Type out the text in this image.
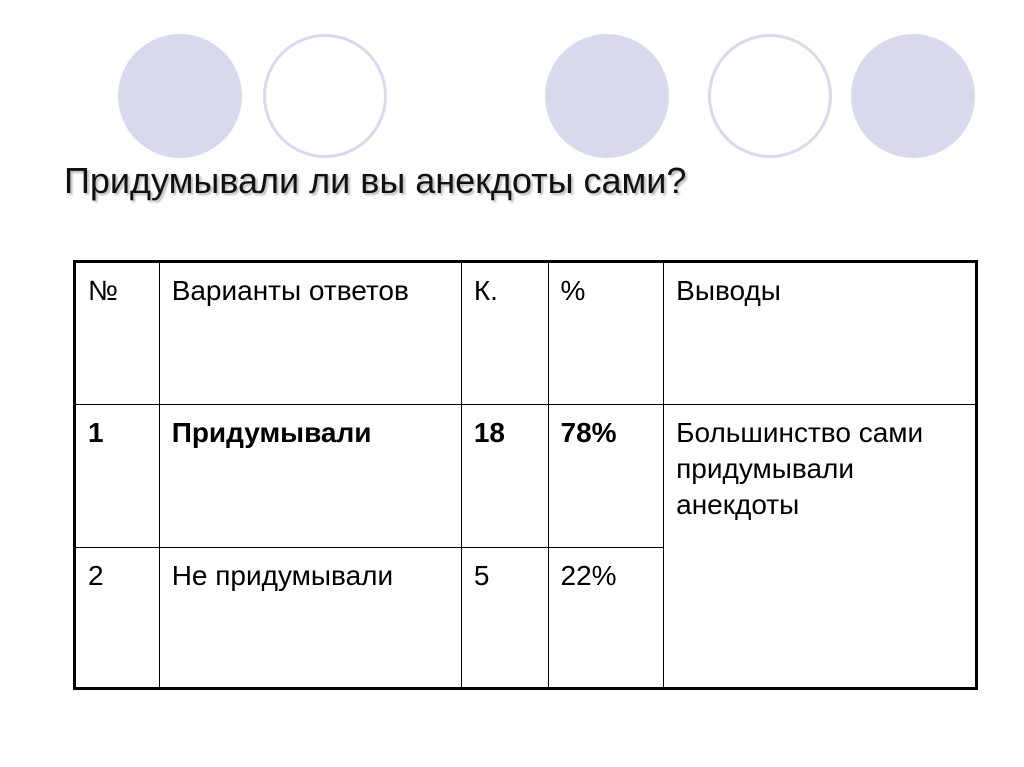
Придумывали ли вы анекдоты сами?
№	Варианты ответов	К.	%	Выводы
1	Придумывали	18	78%	Большинство сами придумывали анекдоты
2	Не придумывали	5	22%	
